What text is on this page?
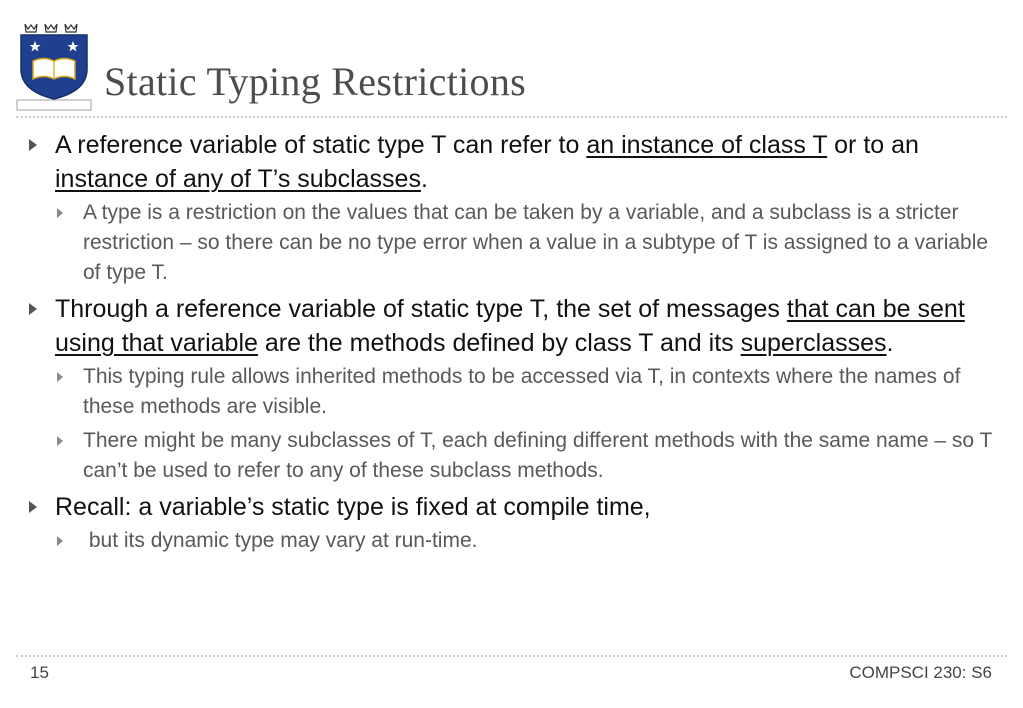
Static Typing Restrictions
A reference variable of static type T can refer to an instance of class T or to an instance of any of T’s subclasses.
A type is a restriction on the values that can be taken by a variable, and a subclass is a stricter restriction – so there can be no type error when a value in a subtype of T is assigned to a variable of type T.
Through a reference variable of static type T, the set of messages that can be sent using that variable are the methods defined by class T and its superclasses.
This typing rule allows inherited methods to be accessed via T, in contexts where the names of these methods are visible.
There might be many subclasses of T, each defining different methods with the same name – so T can’t be used to refer to any of these subclass methods.
Recall: a variable’s static type is fixed at compile time,
but its dynamic type may vary at run-time.
15	COMPSCI 230: S6
